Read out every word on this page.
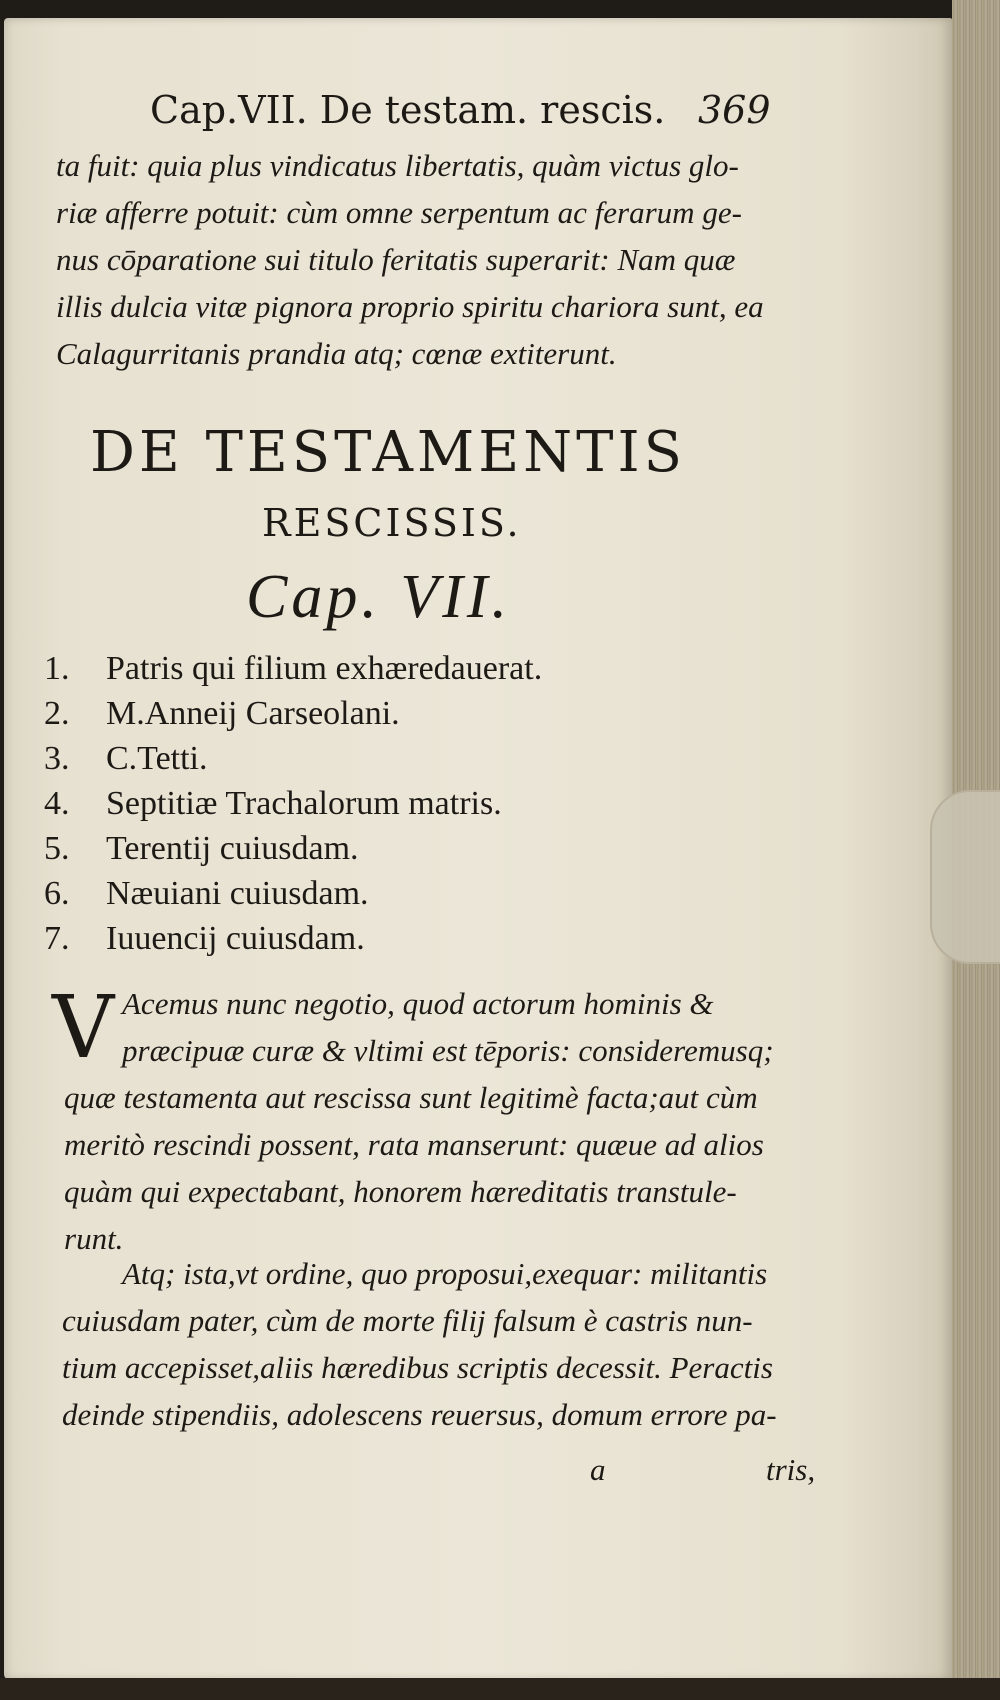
Cap.VII. De testam. rescis. 369
ta fuit: quia plus vindicatus libertatis, quàm victus glo-
riæ afferre potuit: cùm omne serpentum ac ferarum ge-
nus cōparatione sui titulo feritatis superarit: Nam quæ
illis dulcia vitæ pignora proprio spiritu chariora sunt, ea
Calagurritanis prandia atq; cœnæ extiterunt.
DE TESTAMENTIS
RESCISSIS.
Cap. VII.
1. Patris qui filium exhæredauerat.
2. M.Anneij Carseolani.
3. C.Tetti.
4. Septitiæ Trachalorum matris.
5. Terentij cuiusdam.
6. Næuiani cuiusdam.
7. Iuuencij cuiusdam.
V Acemus nunc negotio, quod actorum hominis &
præcipuæ curæ & vltimi est tēporis: consideremusq;
quæ testamenta aut rescissa sunt legitimè facta;aut cùm
meritò rescindi possent, rata manserunt: quæue ad alios
quàm qui expectabant, honorem hæreditatis transtule-
runt.
Atq; ista,vt ordine, quo proposui,exequar: militantis
cuiusdam pater, cùm de morte filij falsum è castris nun-
tium accepisset,aliis hæredibus scriptis decessit. Peractis
deinde stipendiis, adolescens reuersus, domum errore pa-
a	tris,
